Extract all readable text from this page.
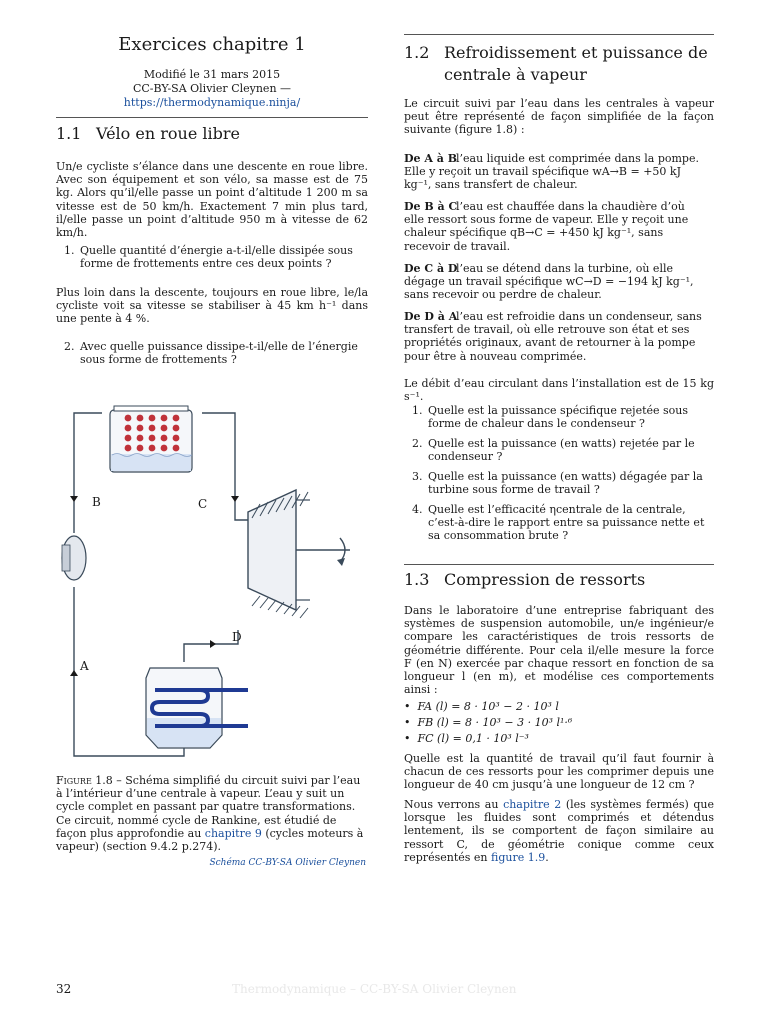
Exercices chapitre 1
Modifié le 31 mars 2015
CC-BY-SA Olivier Cleynen —
https://thermodynamique.ninja/
1.1 Vélo en roue libre
Un/e cycliste s’élance dans une descente en roue libre. Avec son équipement et son vélo, sa masse est de 75 kg. Alors qu’il/elle passe un point d’altitude 1 200 m sa vitesse est de 50 km/h. Exactement 7 min plus tard, il/elle passe un point d’altitude 950 m à vitesse de 62 km/h.
1. Quelle quantité d’énergie a-t-il/elle dissipée sous forme de frottements entre ces deux points ?
Plus loin dans la descente, toujours en roue libre, le/la cycliste voit sa vitesse se stabiliser à 45 km h⁻¹ dans une pente à 4 %.
2. Avec quelle puissance dissipe-t-il/elle de l’énergie sous forme de frottements ?
B	C
D
A
Figure 1.8 – Schéma simplifié du circuit suivi par l’eau à l’intérieur d’une centrale à vapeur. L’eau y suit un cycle complet en passant par quatre transformations. Ce circuit, nommé cycle de Rankine, est étudié de façon plus approfondie au chapitre 9 (cycles moteurs à vapeur) (section 9.4.2 p.274).
Schéma CC-BY-SA Olivier Cleynen
1.2 Refroidissement et puissance de
centrale à vapeur
Le circuit suivi par l’eau dans les centrales à vapeur peut être représenté de façon simplifiée de la façon suivante (figure 1.8) :
De A à B l’eau liquide est comprimée dans la pompe. Elle y reçoit un travail spécifique wA→B = +50 kJ kg⁻¹, sans transfert de chaleur.
De B à C
l’eau est chauffée dans la chaudière d’où elle ressort sous forme de vapeur. Elle y reçoit une chaleur spécifique qB→C = +450 kJ kg⁻¹, sans recevoir de travail.
De C à D
l’eau se détend dans la turbine, où elle dégage un travail spécifique wC→D = −194 kJ kg⁻¹, sans recevoir ou perdre de chaleur.
De D à A
l’eau est refroidie dans un condenseur, sans transfert de travail, où elle retrouve son état et ses propriétés originaux, avant de retourner à la pompe pour être à nouveau comprimée.
Le débit d’eau circulant dans l’installation est de 15 kg s⁻¹.
1. Quelle est la puissance spécifique rejetée sous forme de chaleur dans le condenseur ?
2. Quelle est la puissance (en watts) rejetée par le condenseur ?
3. Quelle est la puissance (en watts) dégagée par la turbine sous forme de travail ?
4. Quelle est l’efficacité ηcentrale de la centrale, c’est-à-dire le rapport entre sa puissance nette et sa consommation brute ?
1.3 Compression de ressorts
Dans le laboratoire d’une entreprise fabriquant des systèmes de suspension automobile, un/e ingénieur/e compare les caractéristiques de trois ressorts de géométrie différente. Pour cela il/elle mesure la force F (en N) exercée par chaque ressort en fonction de sa longueur l (en m), et modélise ces comportements ainsi :
•  FA (l) = 8 · 10³ − 2 · 10³ l
•  FB (l) = 8 · 10³ − 3 · 10³ l¹·⁶
•  FC (l) = 0,1 · 10³ l⁻³
Quelle est la quantité de travail qu’il faut fournir à chacun de ces ressorts pour les comprimer depuis une longueur de 40 cm jusqu’à une longueur de 12 cm ?
Nous verrons au chapitre 2 (les systèmes fermés) que lorsque les fluides sont comprimés et détendus lentement, ils se comportent de façon similaire au ressort C, de géométrie conique comme ceux représentés en figure 1.9.
32	Thermodynamique – CC-BY-SA Olivier Cleynen
